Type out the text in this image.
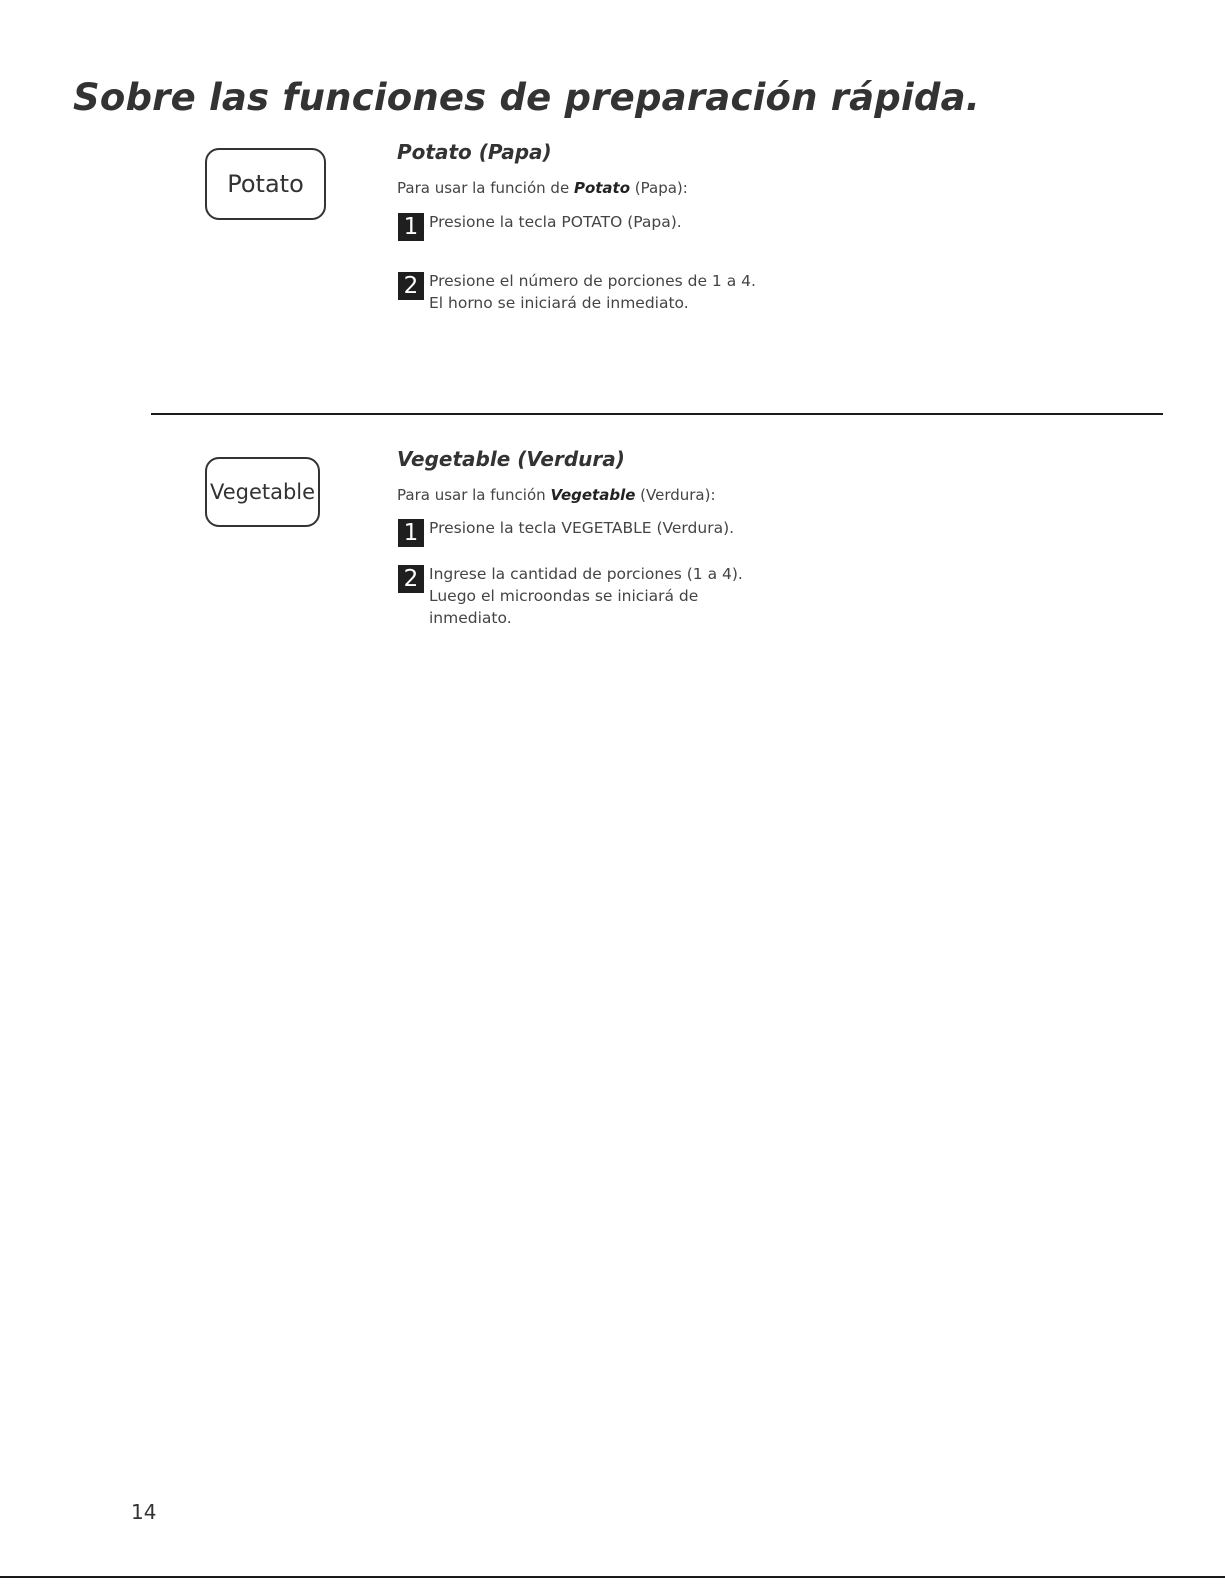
Sobre las funciones de preparación rápida.
Potato
Potato (Papa)

Para usar la función de Potato (Papa):

1 Presione la tecla POTATO (Papa).

2 Presione el número de porciones de 1 a 4. El horno se iniciará de inmediato.

Vegetable
Vegetable (Verdura)

Para usar la función Vegetable (Verdura):

1 Presione la tecla VEGETABLE (Verdura).

2 Ingrese la cantidad de porciones (1 a 4). Luego el microondas se iniciará de inmediato.

14
